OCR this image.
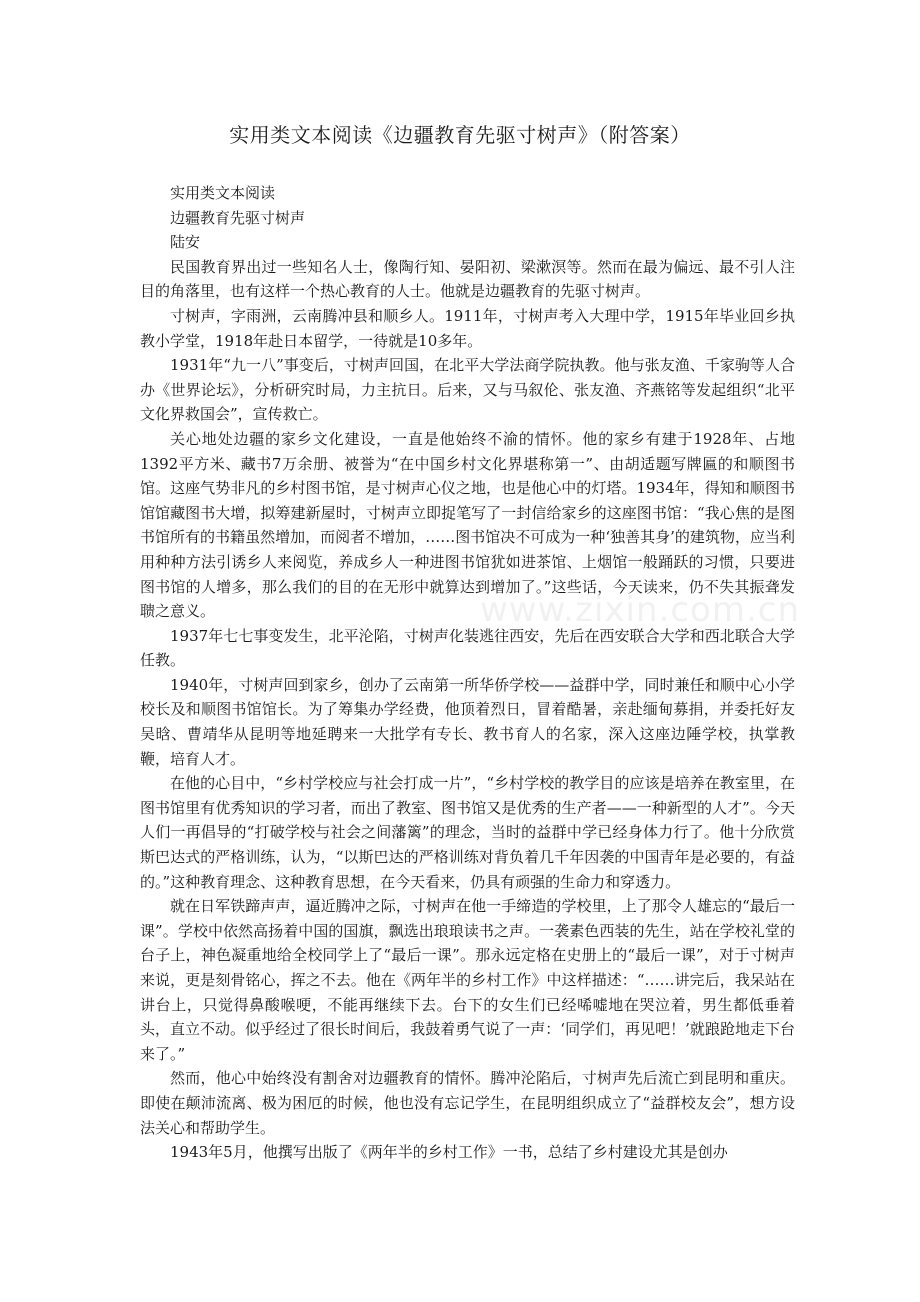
实用类文本阅读《边疆教育先驱寸树声》（附答案）
www.zixin.com.cn

实用类文本阅读

边疆教育先驱寸树声

陆安

民国教育界出过一些知名人士，像陶行知、晏阳初、梁漱溟等。然而在最为偏远、最不引人注目的角落里，也有这样一个热心教育的人士。他就是边疆教育的先驱寸树声。

寸树声，字雨洲，云南腾冲县和顺乡人。1911年，寸树声考入大理中学，1915年毕业回乡执教小学堂，1918年赴日本留学，一待就是10多年。

1931年“九一八”事变后，寸树声回国，在北平大学法商学院执教。他与张友渔、千家驹等人合办《世界论坛》，分析研究时局，力主抗日。后来，又与马叙伦、张友渔、齐燕铭等发起组织“北平文化界救国会”，宣传救亡。

关心地处边疆的家乡文化建设，一直是他始终不渝的情怀。他的家乡有建于1928年、占地1392平方米、藏书7万余册、被誉为“在中国乡村文化界堪称第一”、由胡适题写牌匾的和顺图书馆。这座气势非凡的乡村图书馆，是寸树声心仪之地，也是他心中的灯塔。1934年，得知和顺图书馆馆藏图书大增，拟筹建新屋时，寸树声立即捉笔写了一封信给家乡的这座图书馆：“我心焦的是图书馆所有的书籍虽然增加，而阅者不增加，……图书馆决不可成为一种‘独善其身’的建筑物，应当利用种种方法引诱乡人来阅览，养成乡人一种进图书馆犹如进茶馆、上烟馆一般踊跃的习惯，只要进图书馆的人增多，那么我们的目的在无形中就算达到增加了。”这些话，今天读来，仍不失其振聋发聩之意义。

1937年七七事变发生，北平沦陷，寸树声化装逃往西安，先后在西安联合大学和西北联合大学任教。

1940年，寸树声回到家乡，创办了云南第一所华侨学校——益群中学，同时兼任和顺中心小学校长及和顺图书馆馆长。为了筹集办学经费，他顶着烈日，冒着酷暑，亲赴缅甸募捐，并委托好友吴晗、曹靖华从昆明等地延聘来一大批学有专长、教书育人的名家，深入这座边陲学校，执掌教鞭，培育人才。

在他的心目中，“乡村学校应与社会打成一片”，“乡村学校的教学目的应该是培养在教室里，在图书馆里有优秀知识的学习者，而出了教室、图书馆又是优秀的生产者——一种新型的人才”。今天人们一再倡导的“打破学校与社会之间藩篱”的理念，当时的益群中学已经身体力行了。他十分欣赏斯巴达式的严格训练，认为，“以斯巴达的严格训练对背负着几千年因袭的中国青年是必要的，有益的。”这种教育理念、这种教育思想，在今天看来，仍具有顽强的生命力和穿透力。

就在日军铁蹄声声，逼近腾冲之际，寸树声在他一手缔造的学校里，上了那令人雄忘的“最后一课”。学校中依然高扬着中国的国旗，飘选出琅琅读书之声。一袭素色西装的先生，站在学校礼堂的台子上，神色凝重地给全校同学上了“最后一课”。那永远定格在史册上的“最后一课”，对于寸树声来说，更是刻骨铭心，挥之不去。他在《两年半的乡村工作》中这样描述：“……讲完后，我呆站在讲台上，只觉得鼻酸喉哽，不能再继续下去。台下的女生们已经唏嘘地在哭泣着，男生都低垂着头，直立不动。似乎经过了很长时间后，我鼓着勇气说了一声：‘同学们，再见吧！’就踉跄地走下台来了。”

然而，他心中始终没有割舍对边疆教育的情怀。腾冲沦陷后，寸树声先后流亡到昆明和重庆。即使在颠沛流离、极为困厄的时候，他也没有忘记学生，在昆明组织成立了“益群校友会”，想方设法关心和帮助学生。

1943年5月，他撰写出版了《两年半的乡村工作》一书，总结了乡村建设尤其是创办
